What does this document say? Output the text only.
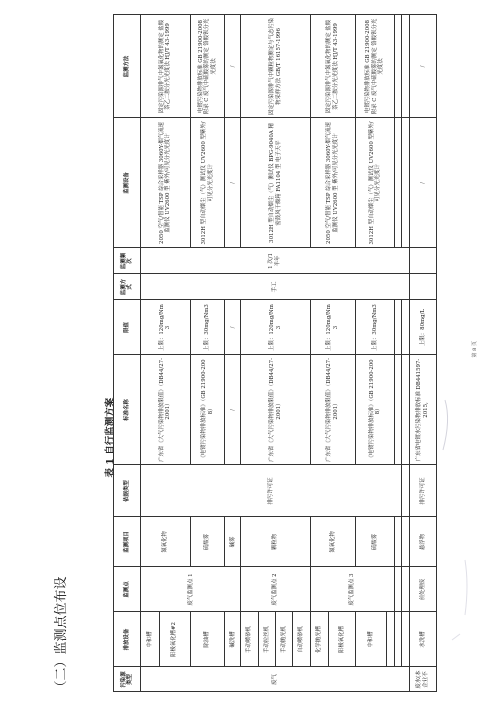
（二）监测点位布设
表 1 自行监测方案
污染源类型	排放设备	监测点	监测项目	依据类型	标准名称	限值	监测方式	监测频次	监测设备	监测方法
废气	中和槽	废气监测点 1	氮氧化物	排污许可证	广东省《大气污染物排放限值》（DB44/27-2001）	上限：120mg/Nm3	手工	1 次/1 半年	2050 空气/智能 TSP 综合采样器 3060Y-烟气流速监测仪 UV2600 型 紫外/可见分光光度计	固定污染源排气中氮氧化物的测定 盐酸萘乙二胺分光光度法 HJ/T 43-1999
	阳极氧化槽#2									
	除油槽		硫酸雾		《电镀污染物排放标准》（GB 21900-2008）	上限：30mg/Nm3			3012H 型自动烟尘（气）测试仪 UV2600 型紫外/可见分光光度计	电镀污染物排放标准 GB 21900-2008 附录 C 废气中硫酸雾的测定 铬酸钡分光光度法
	碱洗槽		碱雾		/	/			/	/
	手动喷砂机	废气监测点 2	颗粒物		广东省《大气污染物排放限值》（DB44/27-2001）	上限：120mg/Nm3			3012H 型自动烟尘（气）测试仪 BPG-9040A 精密鼓风干燥箱 FA1104 型 电子天平	固定污染源排气中颗粒物测定与气态污染物采样方法 GB/T 16157-1996
	手动拉丝机									
	手动抛光机									
	自动喷砂机									
	化学抛光槽	废气监测点 3	氮氧化物		广东省《大气污染物排放限值》（DB44/27-2001）	上限：120mg/Nm3			2050 空气/智能 TSP 综合采样器 3060Y-烟气流速监测仪 UV2600 型 紫外/可见分光光度计	固定污染源排气中氮氧化物的测定 盐酸萘乙二胺分光光度法 HJ/T 43-1999
	阳极氧化槽									
	中和槽		硫酸雾		《电镀污染物排放标准》（GB 21900-2008）	上限：30mg/Nm3			3012H 型自动烟尘（气）测试仪 UV2600 型紫外/可见分光光度计	电镀污染物排放标准 GB 21900-2008 附录 C 废气中硫酸雾的测定 铬酸钡分光光度法

废水(本企业不	水洗槽	前处理废	悬浮物	排污许可证	广东省电镀水污染物排放标准 DB441597-2015,	上限：80mg/L			/	/
第 8 页
